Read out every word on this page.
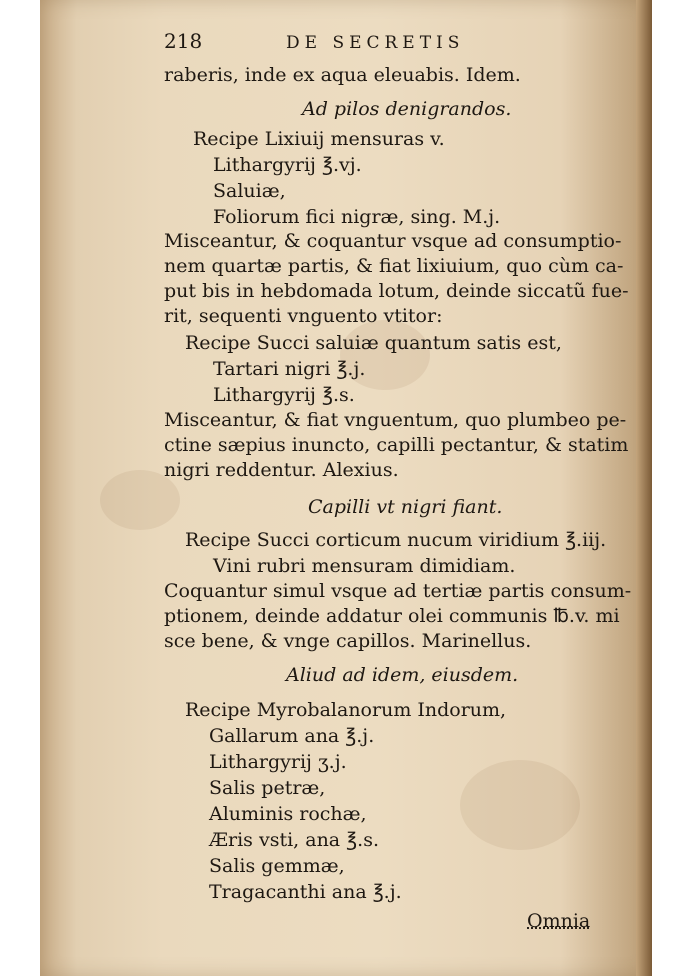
218	DE SECRETIS
raberis, inde ex aqua eleuabis. Idem.
Ad pilos denigrandos.
Recipe Lixiuij mensuras v.
Lithargyrij ℥.vj.
Saluiæ,
Foliorum fici nigræ, sing. M.j.
Misceantur, & coquantur vsque ad consumptio-
nem quartæ partis, & fiat lixiuium, quo cùm ca-
put bis in hebdomada lotum, deinde siccatũ fue-
rit, sequenti vnguento vtitor:
Recipe Succi saluiæ quantum satis est,
Tartari nigri ℥.j.
Lithargyrij ℥.s.
Misceantur, & fiat vnguentum, quo plumbeo pe-
ctine sæpius inuncto, capilli pectantur, & statim
nigri reddentur. Alexius.
Capilli vt nigri fiant.
Recipe Succi corticum nucum viridium ℥.iij.
Vini rubri mensuram dimidiam.
Coquantur simul vsque ad tertiæ partis consum-
ptionem, deinde addatur olei communis ℔.v. mi
sce bene, & vnge capillos. Marinellus.
Aliud ad idem, eiusdem.
Recipe Myrobalanorum Indorum,
Gallarum ana ℥.j.
Lithargyrij ʒ.j.
Salis petræ,
Aluminis rochæ,
Æris vsti, ana ℥.s.
Salis gemmæ,
Tragacanthi ana ℥.j.
Omnia
